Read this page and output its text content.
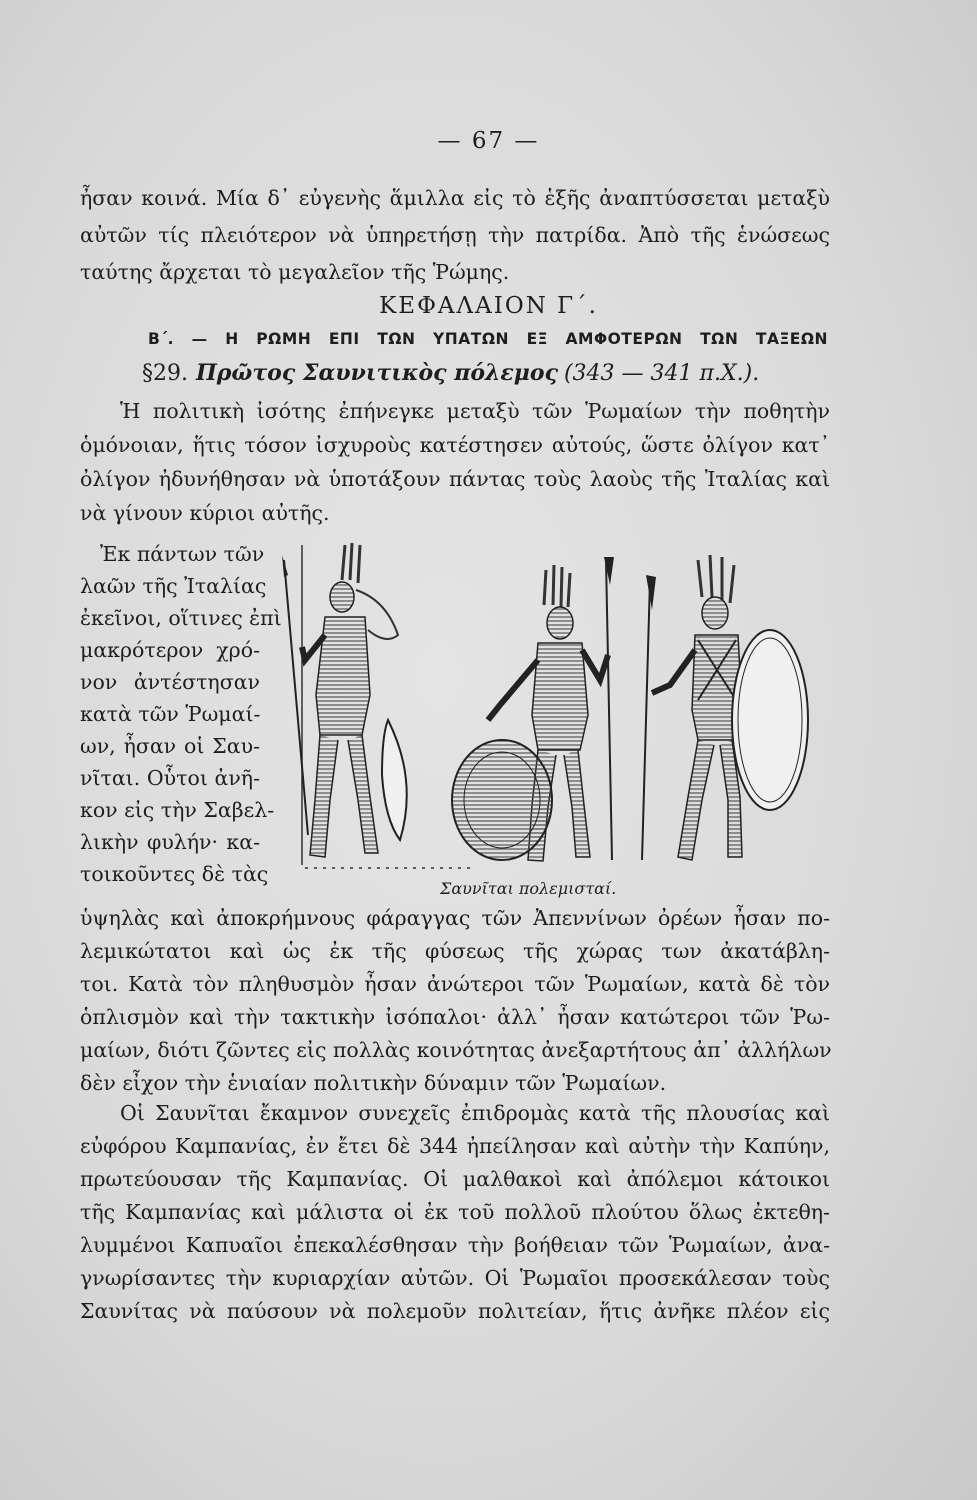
— 67 —
ἦσαν κοινά. Μία δ᾿ εὐγενὴς ἅμιλλα εἰς τὸ ἑξῆς ἀναπτύσσεται μεταξὺ
αὐτῶν τίς πλειότερον νὰ ὑπηρετήσῃ τὴν πατρίδα. Ἀπὸ τῆς ἑνώσεως
ταύτης ἄρχεται τὸ μεγαλεῖον τῆς Ῥώμης.
ΚΕΦΑΛΑΙΟΝ Γ΄.
Β΄. — Η ΡΩΜΗ ΕΠΙ ΤΩΝ ΥΠΑΤΩΝ ΕΞ ΑΜΦΟΤΕΡΩΝ ΤΩΝ ΤΑΞΕΩΝ
§29. Πρῶτος Σαυνιτικὸς πόλεμος (343 — 341 π.Χ.).
Ἡ πολιτικὴ ἰσότης ἐπήνεγκε μεταξὺ τῶν Ῥωμαίων τὴν ποθητὴν
ὁμόνοιαν, ἥτις τόσον ἰσχυροὺς κατέστησεν αὐτούς, ὥστε ὀλίγον κατ᾿
ὀλίγον ἠδυνήθησαν νὰ ὑποτάξουν πάντας τοὺς λαοὺς τῆς Ἰταλίας καὶ
νὰ γίνουν κύριοι αὐτῆς.
Ἐκ πάντων τῶν
λαῶν τῆς Ἰταλίας
ἐκεῖνοι, οἵτινες ἐπὶ
μακρότερον χρό-
νον ἀντέστησαν
κατὰ τῶν Ῥωμαί-
ων, ἦσαν οἱ Σαυ-
νῖται. Οὗτοι ἀνῆ-
κον εἰς τὴν Σαβελ-
λικὴν φυλήν· κα-
τοικοῦντες δὲ τὰς
Σαυνῖται πολεμισταί.
ὑψηλὰς καὶ ἀποκρήμνους φάραγγας τῶν Ἀπεννίνων ὀρέων ἦσαν πο-
λεμικώτατοι καὶ ὡς ἐκ τῆς φύσεως τῆς χώρας των ἀκατάβλη-
τοι. Κατὰ τὸν πληθυσμὸν ἦσαν ἀνώτεροι τῶν Ῥωμαίων, κατὰ δὲ τὸν
ὁπλισμὸν καὶ τὴν τακτικὴν ἰσόπαλοι· ἀλλ᾿ ἦσαν κατώτεροι τῶν Ῥω-
μαίων, διότι ζῶντες εἰς πολλὰς κοινότητας ἀνεξαρτήτους ἀπ᾿ ἀλλήλων
δὲν εἶχον τὴν ἑνιαίαν πολιτικὴν δύναμιν τῶν Ῥωμαίων.
Οἱ Σαυνῖται ἔκαμνον συνεχεῖς ἐπιδρομὰς κατὰ τῆς πλουσίας καὶ
εὐφόρου Καμπανίας, ἐν ἔτει δὲ 344 ἠπείλησαν καὶ αὐτὴν τὴν Καπύην,
πρωτεύουσαν τῆς Καμπανίας. Οἱ μαλθακοὶ καὶ ἀπόλεμοι κάτοικοι
τῆς Καμπανίας καὶ μάλιστα οἱ ἐκ τοῦ πολλοῦ πλούτου ὅλως ἐκτεθη-
λυμμένοι Καπυαῖοι ἐπεκαλέσθησαν τὴν βοήθειαν τῶν Ῥωμαίων, ἀνα-
γνωρίσαντες τὴν κυριαρχίαν αὐτῶν. Οἱ Ῥωμαῖοι προσεκάλεσαν τοὺς
Σαυνίτας νὰ παύσουν νὰ πολεμοῦν πολιτείαν, ἥτις ἀνῆκε πλέον εἰς
